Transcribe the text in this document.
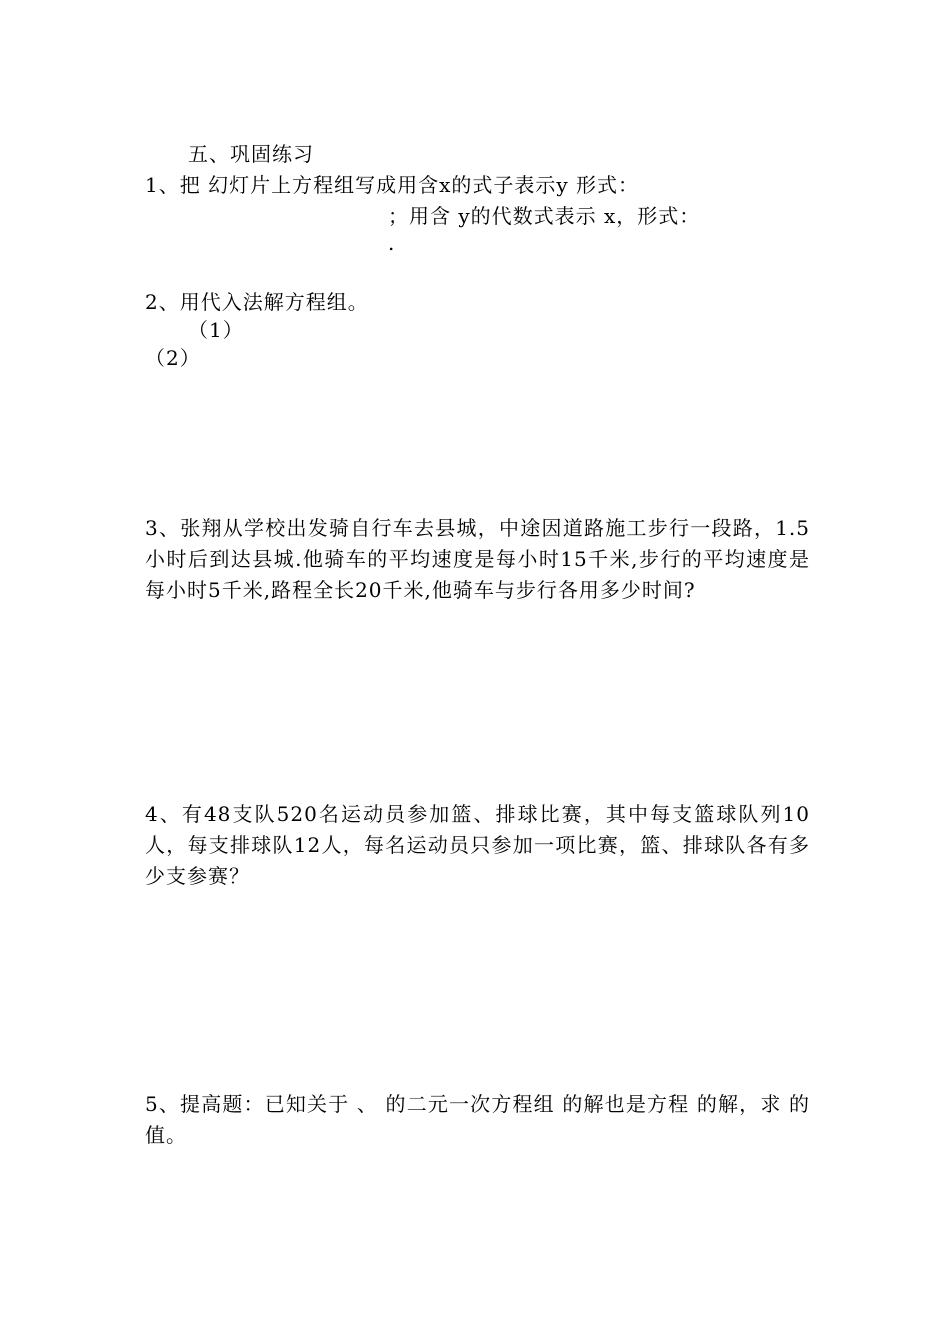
五、巩固练习
1、把 幻灯片上方程组写成用含x的式子表示y 形式：
；用含 y的代数式表示 x，形式：
.
2、用代入法解方程组。
（1）
（2）
3、张翔从学校出发骑自行车去县城，中途因道路施工步行一段路，1.5小时后到达县城.他骑车的平均速度是每小时15千米,步行的平均速度是每小时5千米,路程全长20千米,他骑车与步行各用多少时间?
4、有48支队520名运动员参加篮、排球比赛，其中每支篮球队列10人，每支排球队12人，每名运动员只参加一项比赛，篮、排球队各有多少支参赛？
5、提高题：已知关于 、 的二元一次方程组 的解也是方程 的解，求 的值。
